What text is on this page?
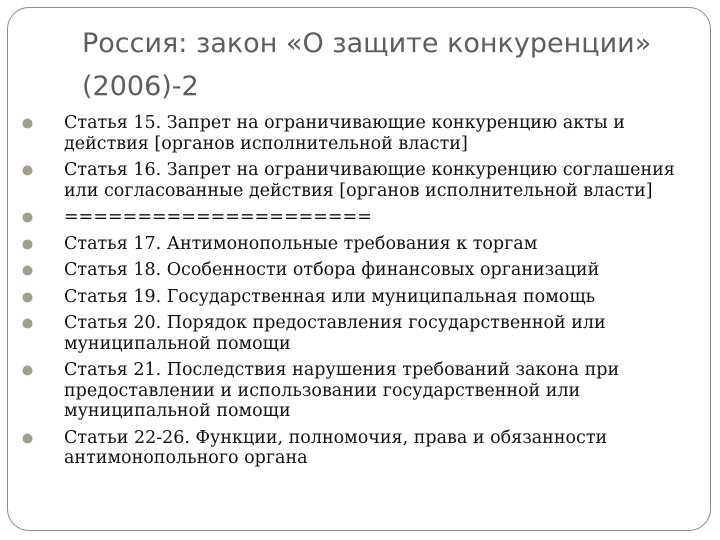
Россия: закон «О защите конкуренции» (2006)-2
Статья 15. Запрет на ограничивающие конкуренцию акты и действия [органов исполнительной власти]
Статья 16. Запрет на ограничивающие конкуренцию соглашения или согласованные действия [органов исполнительной власти]
=====================
Статья 17. Антимонопольные требования к торгам
Статья 18. Особенности отбора финансовых организаций
Статья 19. Государственная или муниципальная помощь
Статья 20. Порядок предоставления государственной или муниципальной помощи
Статья 21. Последствия нарушения требований закона при предоставлении и использовании государственной или муниципальной помощи
Статьи 22-26. Функции, полномочия, права и обязанности антимонопольного органа
